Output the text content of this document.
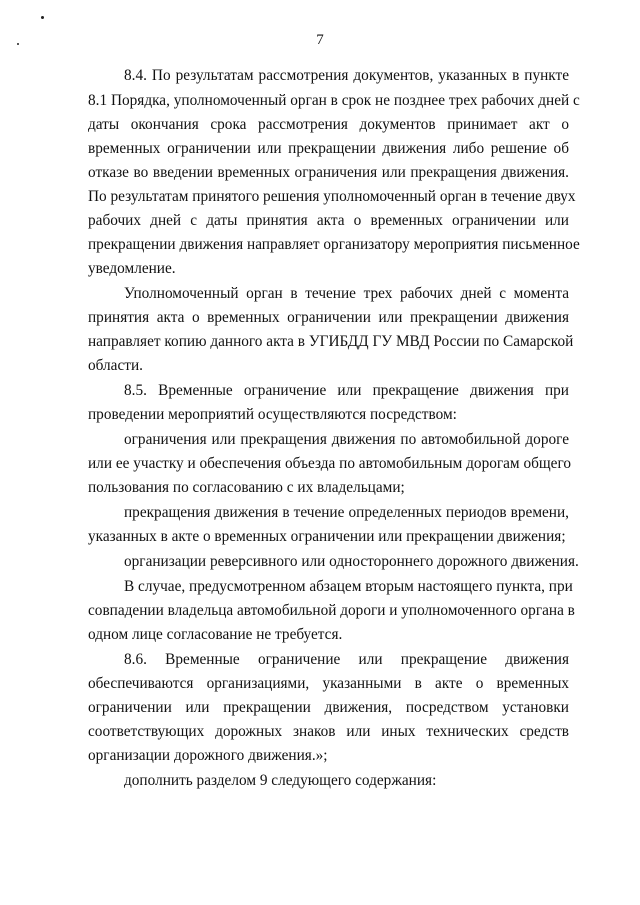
7
8.4. По результатам рассмотрения документов, указанных в пункте
8.1 Порядка, уполномоченный орган в срок не позднее трех рабочих дней с
даты окончания срока рассмотрения документов принимает акт о
временных ограничении или прекращении движения либо решение об
отказе во введении временных ограничения или прекращения движения.
По результатам принятого решения уполномоченный орган в течение двух
рабочих дней с даты принятия акта о временных ограничении или
прекращении движения направляет организатору мероприятия письменное
уведомление.
Уполномоченный орган в течение трех рабочих дней с момента
принятия акта о временных ограничении или прекращении движения
направляет копию данного акта в УГИБДД ГУ МВД России по Самарской
области.
8.5. Временные ограничение или прекращение движения при
проведении мероприятий осуществляются посредством:
ограничения или прекращения движения по автомобильной дороге
или ее участку и обеспечения объезда по автомобильным дорогам общего
пользования по согласованию с их владельцами;
прекращения движения в течение определенных периодов времени,
указанных в акте о временных ограничении или прекращении движения;
организации реверсивного или одностороннего дорожного движения.
В случае, предусмотренном абзацем вторым настоящего пункта, при
совпадении владельца автомобильной дороги и уполномоченного органа в
одном лице согласование не требуется.
8.6. Временные ограничение или прекращение движения
обеспечиваются организациями, указанными в акте о временных
ограничении или прекращении движения, посредством установки
соответствующих дорожных знаков или иных технических средств
организации дорожного движения.»;
дополнить разделом 9 следующего содержания:
